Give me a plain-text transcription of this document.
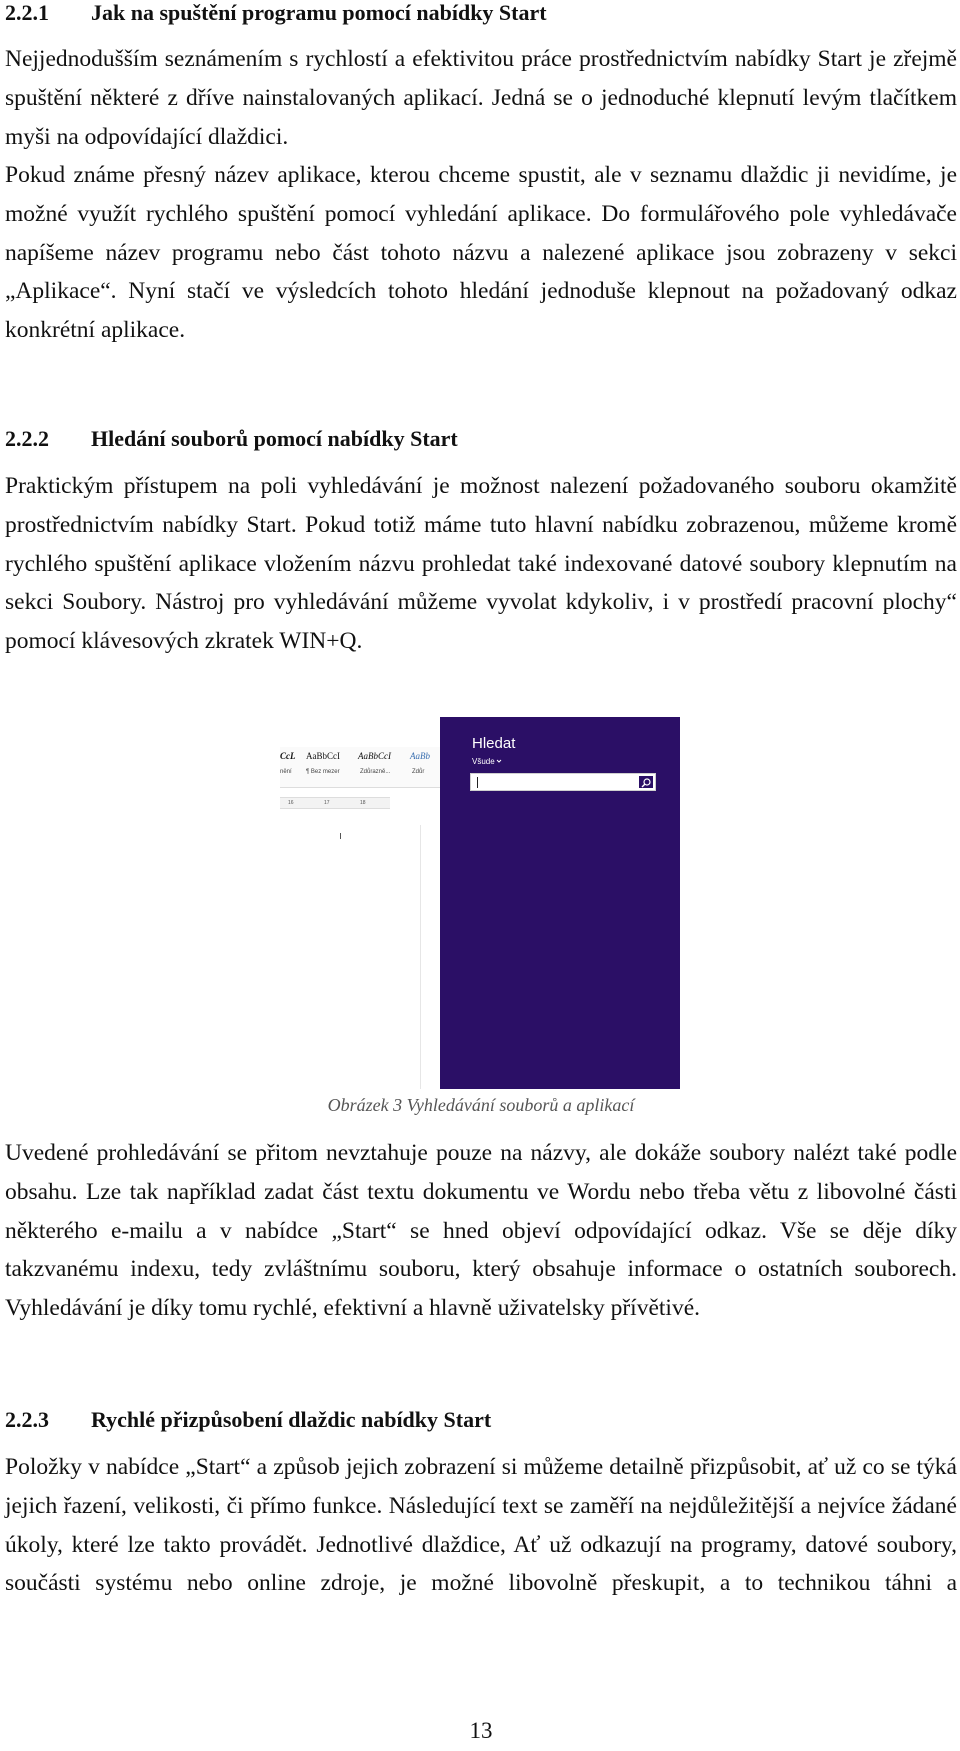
2.2.1 Jak na spuštění programu pomocí nabídky Start

Nejjednodušším seznámením s rychlostí a efektivitou práce prostřednictvím nabídky Start je zřejmě spuštění některé z dříve nainstalovaných aplikací. Jedná se o jednoduché klepnutí levým tlačítkem myši na odpovídající dlaždici.

Pokud známe přesný název aplikace, kterou chceme spustit, ale v seznamu dlaždic ji nevidíme, je možné využít rychlého spuštění pomocí vyhledání aplikace. Do formulářového pole vyhledávače napíšeme název programu nebo část tohoto názvu a nalezené aplikace jsou zobrazeny v sekci „Aplikace“. Nyní stačí ve výsledcích tohoto hledání jednoduše klepnout na požadovaný odkaz konkrétní aplikace.

2.2.2 Hledání souborů pomocí nabídky Start

Praktickým přístupem na poli vyhledávání je možnost nalezení požadovaného souboru okamžitě prostřednictvím nabídky Start. Pokud totiž máme tuto hlavní nabídku zobrazenou, můžeme kromě rychlého spuštění aplikace vložením názvu prohledat také indexované datové soubory klepnutím na sekci Soubory. Nástroj pro vyhledávání můžeme vyvolat kdykoliv, i v prostředí pracovní plochy“ pomocí klávesových zkratek WIN+Q.

CcL
nění
AaBbCcI
¶ Bez mezer
AaBbCcI
Zdůrazně...
AaBb
Zdůr
16	17	18
Hledat
Všude
Obrázek 3 Vyhledávání souborů a aplikací

Uvedené prohledávání se přitom nevztahuje pouze na názvy, ale dokáže soubory nalézt také podle obsahu. Lze tak například zadat část textu dokumentu ve Wordu nebo třeba větu z libovolné části některého e-mailu a v nabídce „Start“ se hned objeví odpovídající odkaz. Vše se děje díky takzvanému indexu, tedy zvláštnímu souboru, který obsahuje informace o ostatních souborech. Vyhledávání je díky tomu rychlé, efektivní a hlavně uživatelsky přívětivé.

2.2.3 Rychlé přizpůsobení dlaždic nabídky Start

Položky v nabídce „Start“ a způsob jejich zobrazení si můžeme detailně přizpůsobit, ať už co se týká jejich řazení, velikosti, či přímo funkce. Následující text se zaměří na nejdůležitější a nejvíce žádané úkoly, které lze takto provádět. Jednotlivé dlaždice, Ať už odkazují na programy, datové soubory, součásti systému nebo online zdroje, je možné libovolně přeskupit, a to technikou táhni a

13
